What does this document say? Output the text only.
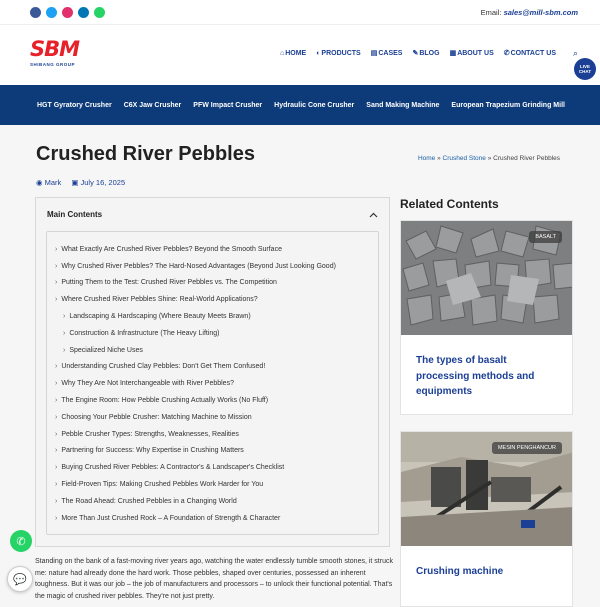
Email: sales@mill-sbm.com
SBM
SHIBANG GROUP
⌂ HOME ◐ PRODUCTS ▤ CASES ✎ BLOG ▦ ABOUT US ✆ CONTACT US ⌕
LIVE CHAT
HGT Gyratory Crusher C6X Jaw Crusher PFW Impact Crusher Hydraulic Cone Crusher Sand Making Machine European Trapezium Grinding Mill
Crushed River Pebbles	Home » Crushed Stone » Crushed River Pebbles
◉ Mark ▣ July 16, 2025
Main Contents
› What Exactly Are Crushed River Pebbles? Beyond the Smooth Surface
› Why Crushed River Pebbles? The Hard-Nosed Advantages (Beyond Just Looking Good)
› Putting Them to the Test: Crushed River Pebbles vs. The Competition
› Where Crushed River Pebbles Shine: Real-World Applications?
› Landscaping & Hardscaping (Where Beauty Meets Brawn)
› Construction & Infrastructure (The Heavy Lifting)
› Specialized Niche Uses
› Understanding Crushed Clay Pebbles: Don't Get Them Confused!
› Why They Are Not Interchangeable with River Pebbles?
› The Engine Room: How Pebble Crushing Actually Works (No Fluff)
› Choosing Your Pebble Crusher: Matching Machine to Mission
› Pebble Crusher Types: Strengths, Weaknesses, Realities
› Partnering for Success: Why Expertise in Crushing Matters
› Buying Crushed River Pebbles: A Contractor's & Landscaper's Checklist
› Field-Proven Tips: Making Crushed Pebbles Work Harder for You
› The Road Ahead: Crushed Pebbles in a Changing World
› More Than Just Crushed Rock – A Foundation of Strength & Character
Related Contents
BASALT
The types of basalt processing methods and equipments
MESIN PENGHANCUR
Crushing machine
Standing on the bank of a fast-moving river years ago, watching the water endlessly tumble smooth stones, it struck me: nature had already done the hard work. Those pebbles, shaped over centuries, possessed an inherent toughness. But it was our job – the job of manufacturers and processors – to unlock their functional potential. That's the magic of crushed river pebbles. They're not just pretty.
✆
💬
